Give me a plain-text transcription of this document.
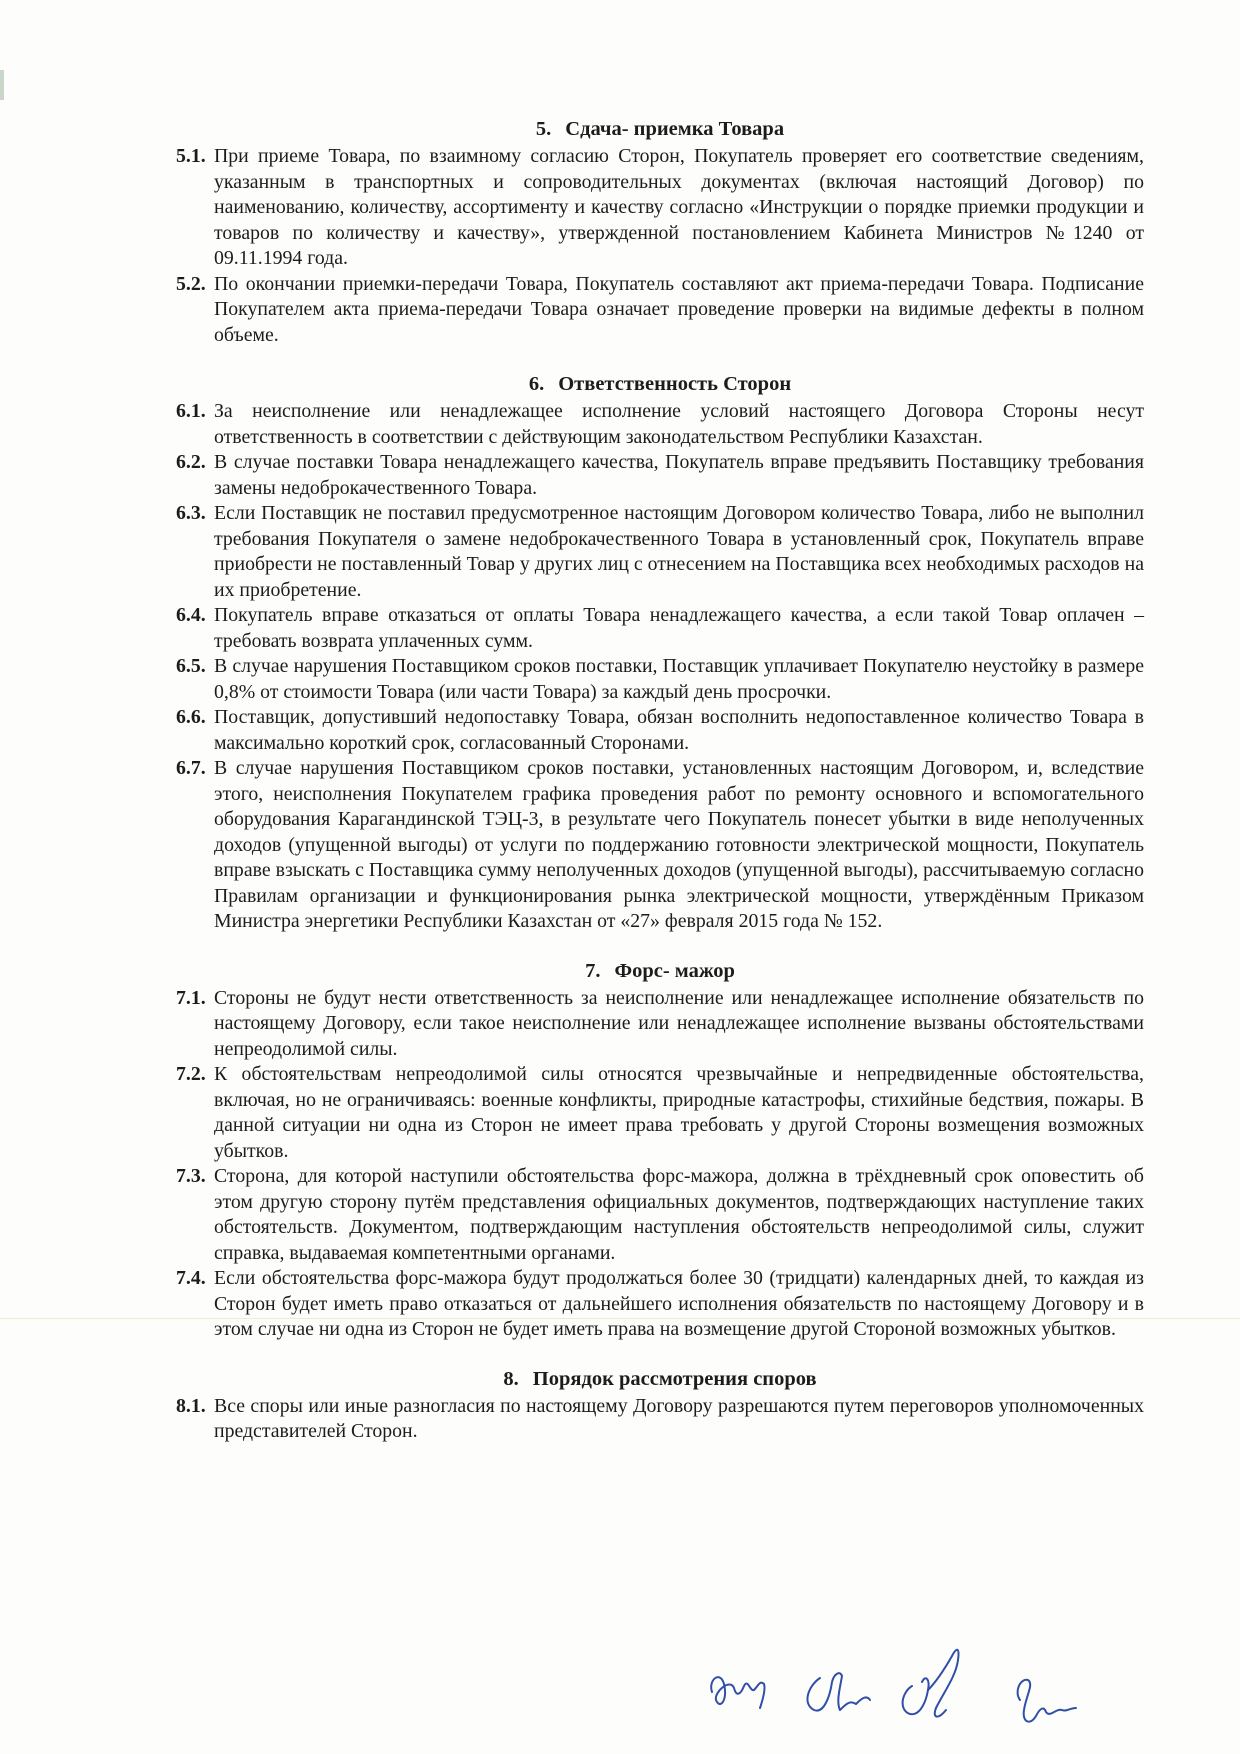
5. Сдача- приемка Товара
5.1. При приеме Товара, по взаимному согласию Сторон, Покупатель проверяет его соответствие сведениям, указанным в транспортных и сопроводительных документах (включая настоящий Договор) по наименованию, количеству, ассортименту и качеству согласно «Инструкции о порядке приемки продукции и товаров по количеству и качеству», утвержденной постановлением Кабинета Министров №1240 от 09.11.1994 года.
5.2. По окончании приемки-передачи Товара, Покупатель составляют акт приема-передачи Товара. Подписание Покупателем акта приема-передачи Товара означает проведение проверки на видимые дефекты в полном объеме.
6. Ответственность Сторон
6.1. За неисполнение или ненадлежащее исполнение условий настоящего Договора Стороны несут ответственность в соответствии с действующим законодательством Республики Казахстан.
6.2. В случае поставки Товара ненадлежащего качества, Покупатель вправе предъявить Поставщику требования замены недоброкачественного Товара.
6.3. Если Поставщик не поставил предусмотренное настоящим Договором количество Товара, либо не выполнил требования Покупателя о замене недоброкачественного Товара в установленный срок, Покупатель вправе приобрести не поставленный Товар у других лиц с отнесением на Поставщика всех необходимых расходов на их приобретение.
6.4. Покупатель вправе отказаться от оплаты Товара ненадлежащего качества, а если такой Товар оплачен – требовать возврата уплаченных сумм.
6.5. В случае нарушения Поставщиком сроков поставки, Поставщик уплачивает Покупателю неустойку в размере 0,8% от стоимости Товара (или части Товара) за каждый день просрочки.
6.6. Поставщик, допустивший недопоставку Товара, обязан восполнить недопоставленное количество Товара в максимально короткий срок, согласованный Сторонами.
6.7. В случае нарушения Поставщиком сроков поставки, установленных настоящим Договором, и, вследствие этого, неисполнения Покупателем графика проведения работ по ремонту основного и вспомогательного оборудования Карагандинской ТЭЦ-3, в результате чего Покупатель понесет убытки в виде неполученных доходов (упущенной выгоды) от услуги по поддержанию готовности электрической мощности, Покупатель вправе взыскать с Поставщика сумму неполученных доходов (упущенной выгоды), рассчитываемую согласно Правилам организации и функционирования рынка электрической мощности, утверждённым Приказом Министра энергетики Республики Казахстан от «27» февраля 2015 года № 152.
7. Форс- мажор
7.1. Стороны не будут нести ответственность за неисполнение или ненадлежащее исполнение обязательств по настоящему Договору, если такое неисполнение или ненадлежащее исполнение вызваны обстоятельствами непреодолимой силы.
7.2. К обстоятельствам непреодолимой силы относятся чрезвычайные и непредвиденные обстоятельства, включая, но не ограничиваясь: военные конфликты, природные катастрофы, стихийные бедствия, пожары. В данной ситуации ни одна из Сторон не имеет права требовать у другой Стороны возмещения возможных убытков.
7.3. Сторона, для которой наступили обстоятельства форс-мажора, должна в трёхдневный срок оповестить об этом другую сторону путём представления официальных документов, подтверждающих наступление таких обстоятельств. Документом, подтверждающим наступления обстоятельств непреодолимой силы, служит справка, выдаваемая компетентными органами.
7.4. Если обстоятельства форс-мажора будут продолжаться более 30 (тридцати) календарных дней, то каждая из Сторон будет иметь право отказаться от дальнейшего исполнения обязательств по настоящему Договору и в этом случае ни одна из Сторон не будет иметь права на возмещение другой Стороной возможных убытков.
8. Порядок рассмотрения споров
8.1. Все споры или иные разногласия по настоящему Договору разрешаются путем переговоров уполномоченных представителей Сторон.
